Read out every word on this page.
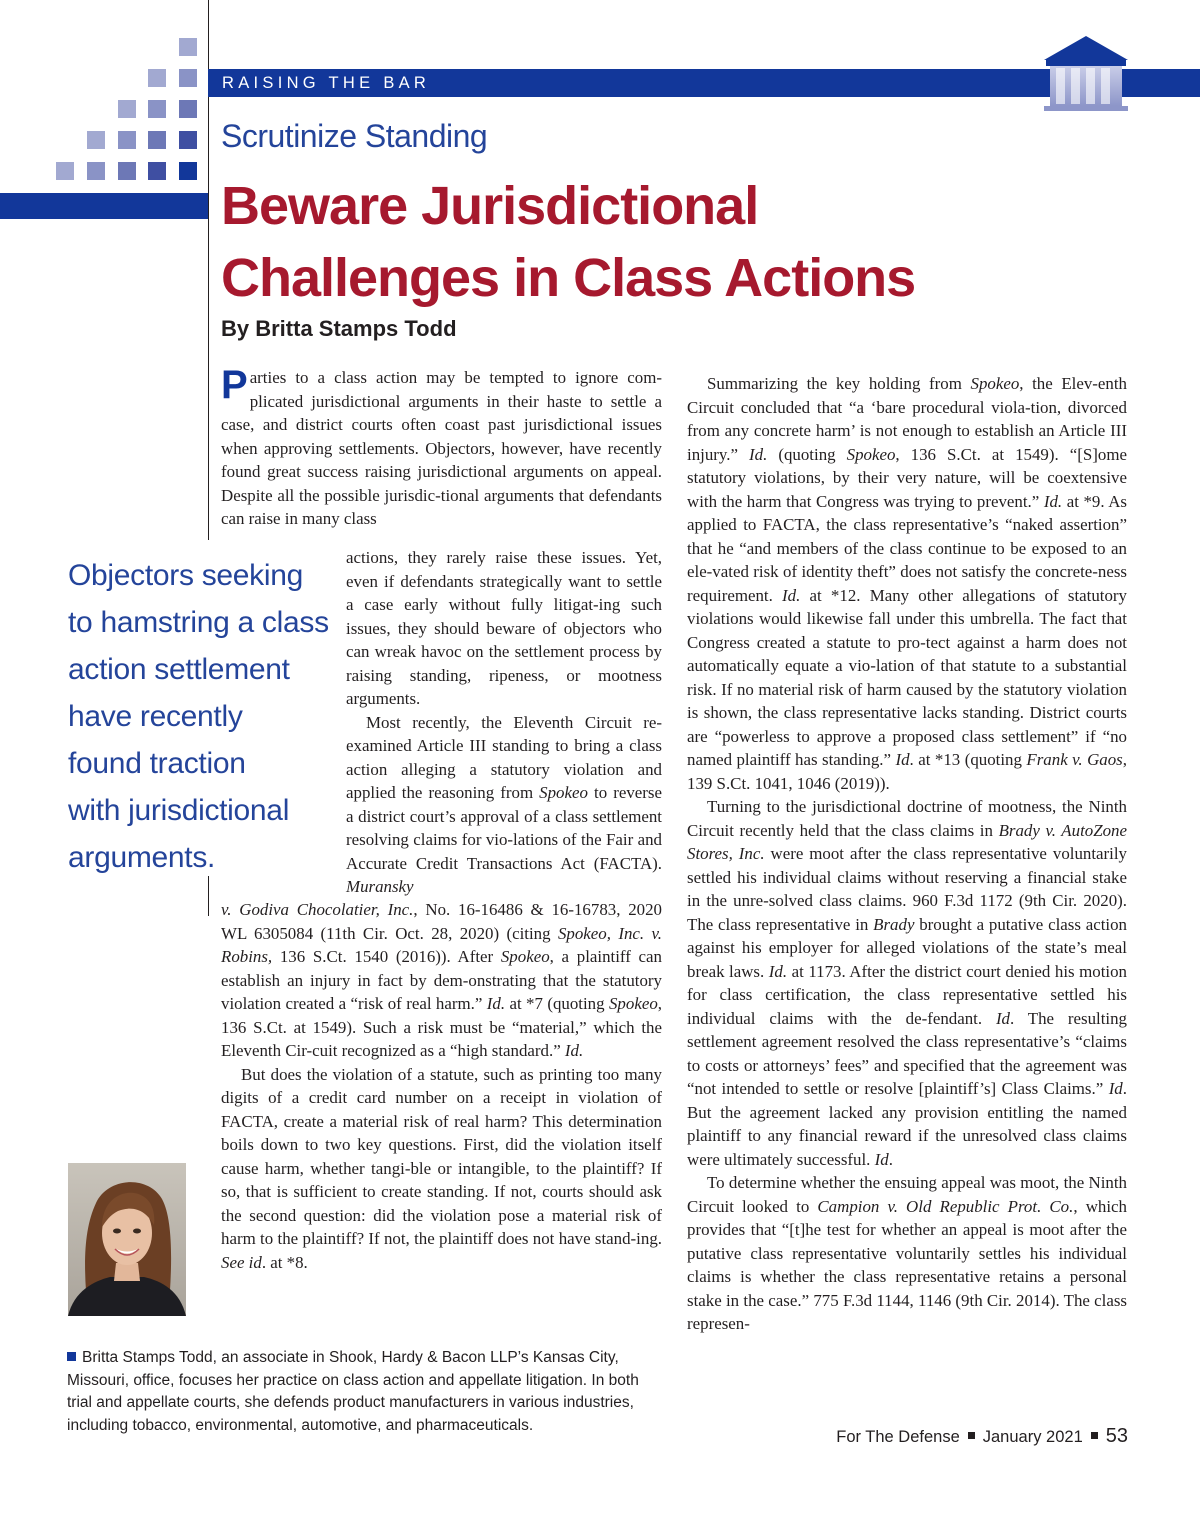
RAISING THE BAR
Scrutinize Standing
Beware Jurisdictional
Challenges in Class Actions
By Britta Stamps Todd

Parties to a class action may be tempted to ignore com-plicated jurisdictional arguments in their haste to settle a case, and district courts often coast past jurisdictional issues when approving settlements. Objectors, however, have recently found great success raising jurisdictional arguments on appeal. Despite all the possible jurisdic-tional arguments that defendants can raise in many class

actions, they rarely raise these issues. Yet, even if defendants strategically want to settle a case early without fully litigat-ing such issues, they should beware of objectors who can wreak havoc on the settlement process by raising standing, ripeness, or mootness arguments.

Most recently, the Eleventh Circuit re-examined Article III standing to bring a class action alleging a statutory violation and applied the reasoning from Spokeo to reverse a district court’s approval of a class settlement resolving claims for vio-lations of the Fair and Accurate Credit Transactions Act (FACTA). Muransky

v. Godiva Chocolatier, Inc., No. 16-16486 & 16-16783, 2020 WL 6305084 (11th Cir. Oct. 28, 2020) (citing Spokeo, Inc. v. Robins, 136 S.Ct. 1540 (2016)). After Spokeo, a plaintiff can establish an injury in fact by dem-onstrating that the statutory violation created a “risk of real harm.” Id. at *7 (quoting Spokeo, 136 S.Ct. at 1549). Such a risk must be “material,” which the Eleventh Cir-cuit recognized as a “high standard.” Id.

But does the violation of a statute, such as printing too many digits of a credit card number on a receipt in violation of FACTA, create a material risk of real harm? This determination boils down to two key questions. First, did the violation itself cause harm, whether tangi-ble or intangible, to the plaintiff? If so, that is sufficient to create standing. If not, courts should ask the second question: did the violation pose a material risk of harm to the plaintiff? If not, the plaintiff does not have stand-ing. See id. at *8.

Objectors seeking
to hamstring a class
action settlement
have recently
found traction
with jurisdictional
arguments.
Britta Stamps Todd, an associate in Shook, Hardy & Bacon LLP’s Kansas City, Missouri, office, focuses her practice on class action and appellate litigation. In both trial and appellate courts, she defends product manufacturers in various industries, including tobacco, environmental, automotive, and pharmaceuticals.

Summarizing the key holding from Spokeo, the Elev-enth Circuit concluded that “a ‘bare procedural viola-tion, divorced from any concrete harm’ is not enough to establish an Article III injury.” Id. (quoting Spokeo, 136 S.Ct. at 1549). “[S]ome statutory violations, by their very nature, will be coextensive with the harm that Congress was trying to prevent.” Id. at *9. As applied to FACTA, the class representative’s “naked assertion” that he “and members of the class continue to be exposed to an ele-vated risk of identity theft” does not satisfy the concrete-ness requirement. Id. at *12. Many other allegations of statutory violations would likewise fall under this umbrella. The fact that Congress created a statute to pro-tect against a harm does not automatically equate a vio-lation of that statute to a substantial risk. If no material risk of harm caused by the statutory violation is shown, the class representative lacks standing. District courts are “powerless to approve a proposed class settlement” if “no named plaintiff has standing.” Id. at *13 (quoting Frank v. Gaos, 139 S.Ct. 1041, 1046 (2019)).

Turning to the jurisdictional doctrine of mootness, the Ninth Circuit recently held that the class claims in Brady v. AutoZone Stores, Inc. were moot after the class representative voluntarily settled his individual claims without reserving a financial stake in the unre-solved class claims. 960 F.3d 1172 (9th Cir. 2020). The class representative in Brady brought a putative class action against his employer for alleged violations of the state’s meal break laws. Id. at 1173. After the district court denied his motion for class certification, the class representative settled his individual claims with the de-fendant. Id. The resulting settlement agreement resolved the class representative’s “claims to costs or attorneys’ fees” and specified that the agreement was “not intended to settle or resolve [plaintiff’s] Class Claims.” Id. But the agreement lacked any provision entitling the named plaintiff to any financial reward if the unresolved class claims were ultimately successful. Id.

To determine whether the ensuing appeal was moot, the Ninth Circuit looked to Campion v. Old Republic Prot. Co., which provides that “[t]he test for whether an appeal is moot after the putative class representative voluntarily settles his individual claims is whether the class representative retains a personal stake in the case.” 775 F.3d 1144, 1146 (9th Cir. 2014). The class represen-

For The Defense January 2021 53
